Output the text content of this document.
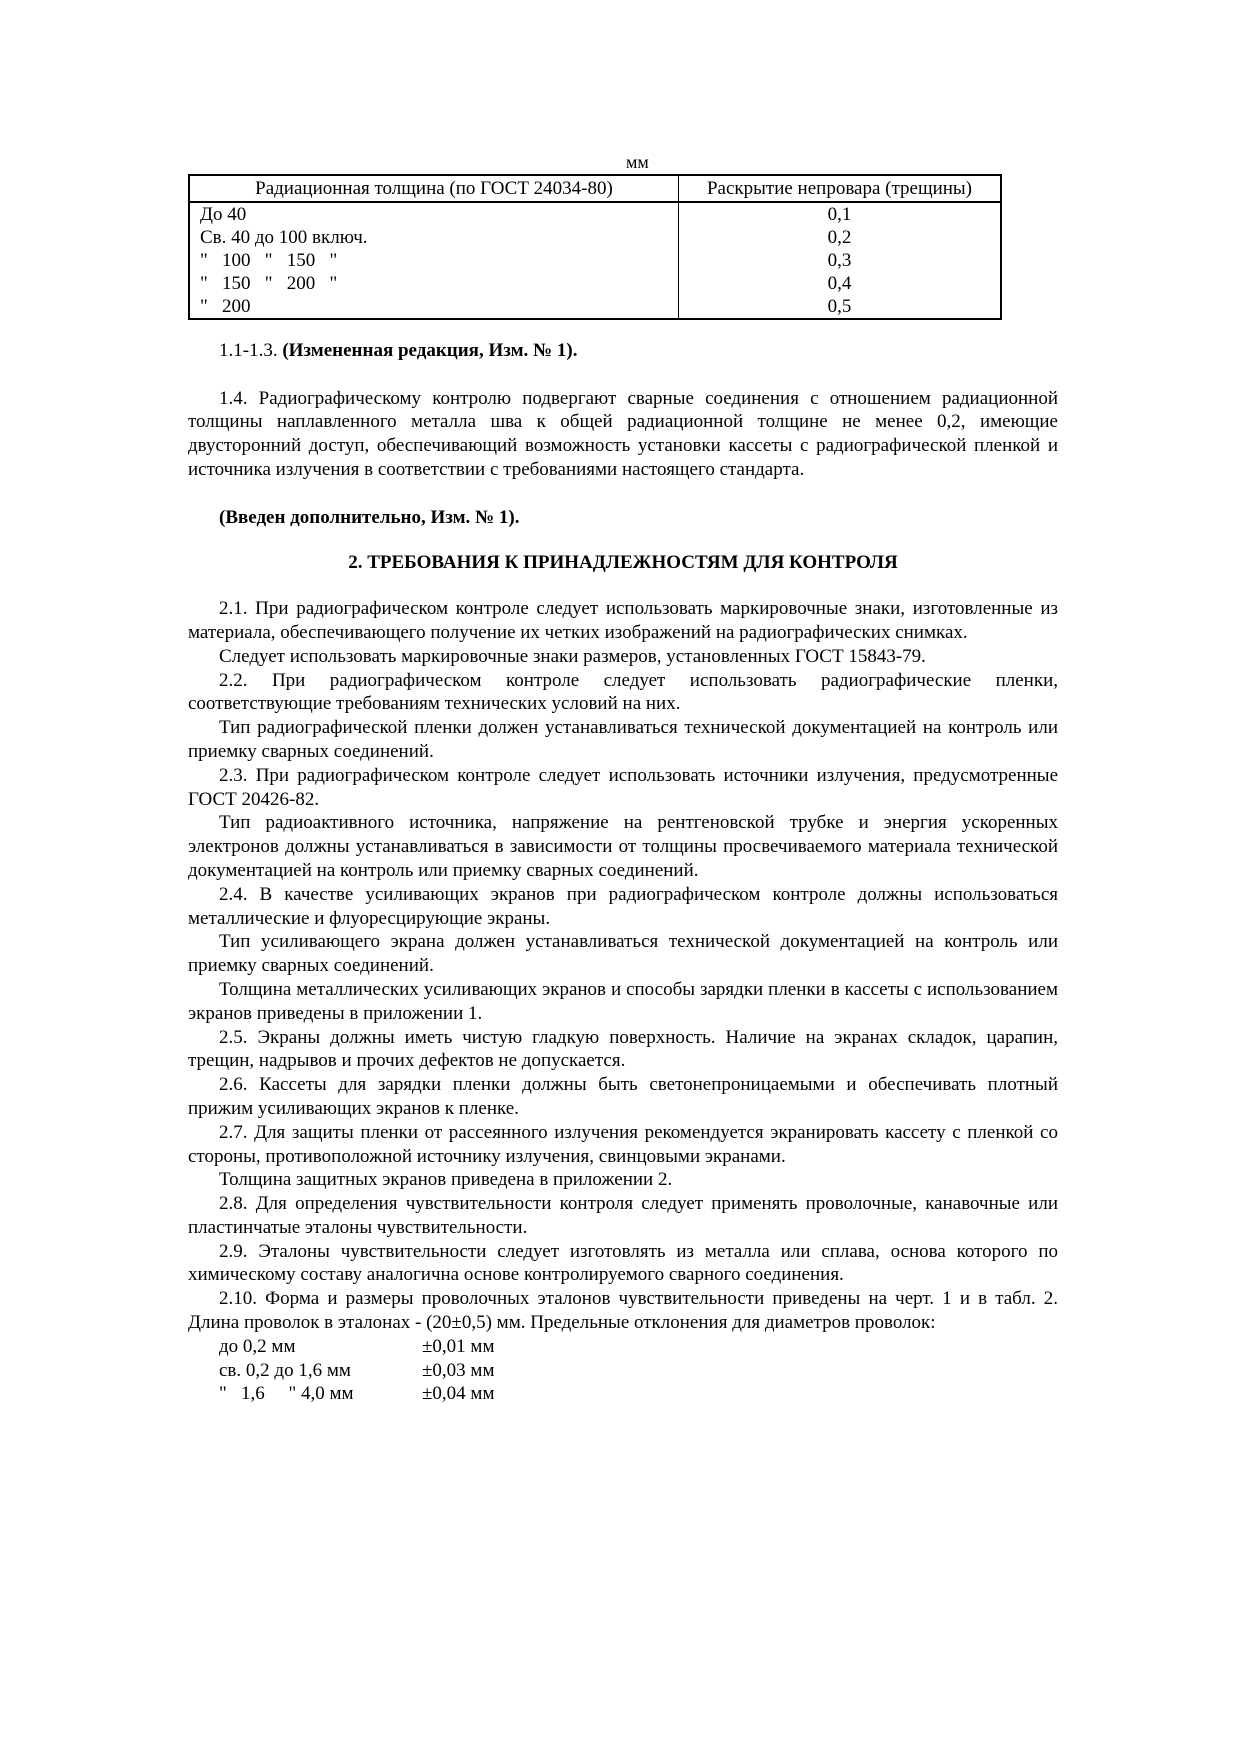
мм
Радиационная толщина (по ГОСТ 24034-80)	Раскрытие непровара (трещины)
До 40	0,1
Св. 40 до 100 включ.	0,2
"   100   "   150   "	0,3
"   150   "   200   "	0,4
"   200	0,5

1.1-1.3. (Измененная редакция, Изм. № 1).

1.4. Радиографическому контролю подвергают сварные соединения с отношением радиационной толщины наплавленного металла шва к общей радиационной толщине не менее 0,2, имеющие двусторонний доступ, обеспечивающий возможность установки кассеты с радиографической пленкой и источника излучения в соответствии с требованиями настоящего стандарта.

(Введен дополнительно, Изм. № 1).

2. ТРЕБОВАНИЯ К ПРИНАДЛЕЖНОСТЯМ ДЛЯ КОНТРОЛЯ

2.1. При радиографическом контроле следует использовать маркировочные знаки, изготовленные из материала, обеспечивающего получение их четких изображений на радиографических снимках.

Следует использовать маркировочные знаки размеров, установленных ГОСТ 15843-79.

2.2. При радиографическом контроле следует использовать радиографические пленки, соответствующие требованиям технических условий на них.

Тип радиографической пленки должен устанавливаться технической документацией на контроль или приемку сварных соединений.

2.3. При радиографическом контроле следует использовать источники излучения, предусмотренные ГОСТ 20426-82.

Тип радиоактивного источника, напряжение на рентгеновской трубке и энергия ускоренных электронов должны устанавливаться в зависимости от толщины просвечиваемого материала технической документацией на контроль или приемку сварных соединений.

2.4. В качестве усиливающих экранов при радиографическом контроле должны использоваться металлические и флуоресцирующие экраны.

Тип усиливающего экрана должен устанавливаться технической документацией на контроль или приемку сварных соединений.

Толщина металлических усиливающих экранов и способы зарядки пленки в кассеты с использованием экранов приведены в приложении 1.

2.5. Экраны должны иметь чистую гладкую поверхность. Наличие на экранах складок, царапин, трещин, надрывов и прочих дефектов не допускается.

2.6. Кассеты для зарядки пленки должны быть светонепроницаемыми и обеспечивать плотный прижим усиливающих экранов к пленке.

2.7. Для защиты пленки от рассеянного излучения рекомендуется экранировать кассету с пленкой со стороны, противоположной источнику излучения, свинцовыми экранами.

Толщина защитных экранов приведена в приложении 2.

2.8. Для определения чувствительности контроля следует применять проволочные, канавочные или пластинчатые эталоны чувствительности.

2.9. Эталоны чувствительности следует изготовлять из металла или сплава, основа которого по химическому составу аналогична основе контролируемого сварного соединения.

2.10. Форма и размеры проволочных эталонов чувствительности приведены на черт. 1 и в табл. 2. Длина проволок в эталонах - (20±0,5) мм. Предельные отклонения для диаметров проволок:

до 0,2 мм	±0,01 мм
св. 0,2 до 1,6 мм	±0,03 мм
"   1,6     " 4,0 мм	±0,04 мм
